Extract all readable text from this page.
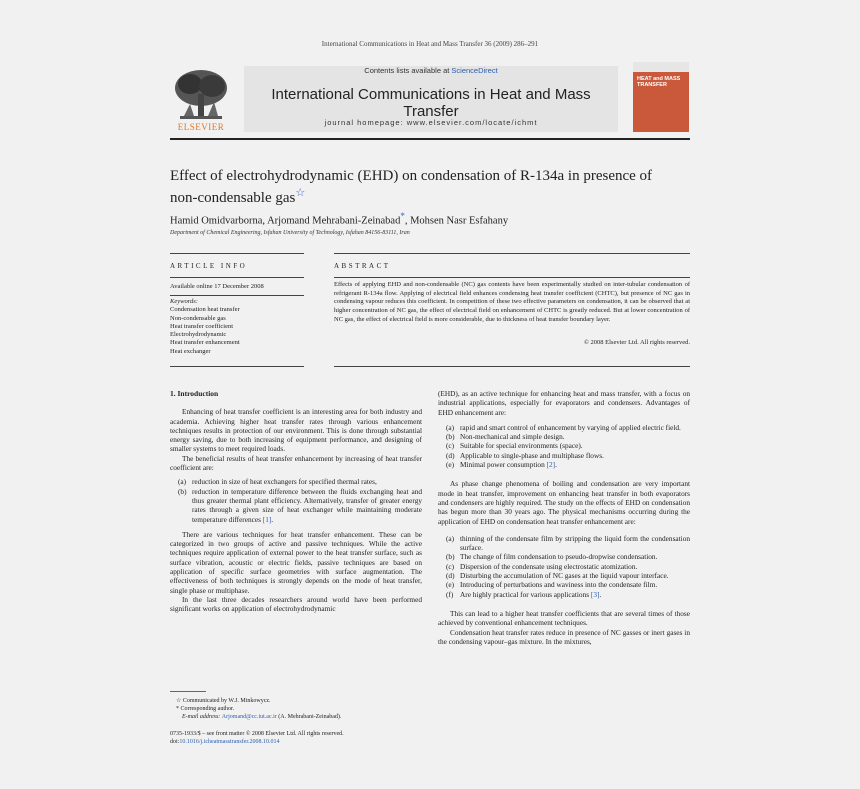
International Communications in Heat and Mass Transfer 36 (2009) 286–291
ELSEVIER
Contents lists available at ScienceDirect
International Communications in Heat and Mass Transfer
journal homepage: www.elsevier.com/locate/ichmt
HEAT and MASS TRANSFER
Effect of electrohydrodynamic (EHD) on condensation of R-134a in presence of
non-condensable gas☆
Hamid Omidvarborna, Arjomand Mehrabani-Zeinabad*, Mohsen Nasr Esfahany
Department of Chemical Engineering, Isfahan University of Technology, Isfahan 84156-83111, Iran
ARTICLE INFO
Available online 17 December 2008
Keywords:
Condensation heat transfer
Non-condensable gas
Heat transfer coefficient
Electrohydrodynamic
Heat transfer enhancement
Heat exchanger
ABSTRACT
Effects of applying EHD and non-condensable (NC) gas contents have been experimentally studied on inter-tubular condensation of refrigerant R-134a flow. Applying of electrical field enhances condensing heat transfer coefficient (CHTC), but presence of NC gas in condensing vapour reduces this coefficient. In competition of these two effective parameters on condensation, it can be observed that at higher concentration of NC gas, the effect of electrical field on enhancement of CHTC is greatly reduced. But at lower concentration of NC gas, the effect of electrical field is more considerable, due to thickness of heat transfer boundary layer.
© 2008 Elsevier Ltd. All rights reserved.
1. Introduction

Enhancing of heat transfer coefficient is an interesting area for both industry and academia. Achieving higher heat transfer rates through various enhancement techniques results in protection of our environment. This is done through substantial energy saving, due to both increasing of equipment performance, and designing of smaller systems to meet required loads.

The beneficial results of heat transfer enhancement by increasing of heat transfer coefficient are:

(a) reduction in size of heat exchangers for specified thermal rates,
(b) reduction in temperature difference between the fluids exchanging heat and thus greater thermal plant efficiency. Alternatively, transfer of greater energy rates through a given size of heat exchanger while maintaining moderate temperature differences [1].

There are various techniques for heat transfer enhancement. These can be categorized in two groups of active and passive techniques. While the active techniques require application of external power to the heat transfer surface, such as surface vibration, acoustic or electric fields, passive techniques are based on application of specific surface geometries with surface augmentation. The effectiveness of both techniques is strongly depends on the mode of heat transfer, single phase or multiphase.

In the last three decades researchers around world have been performed significant works on application of electrohydrodynamic

☆ Communicated by W.J. Minkowycz.
* Corresponding author.
E-mail address: Arjomand@cc.iut.ac.ir (A. Mehrabani-Zeinabad).
0735-1933/$ – see front matter © 2008 Elsevier Ltd. All rights reserved.
doi:10.1016/j.icheatmasstransfer.2008.10.014

(EHD), as an active technique for enhancing heat and mass transfer, with a focus on industrial applications, especially for evaporators and condensers. Advantages of EHD enhancement are:

(a) rapid and smart control of enhancement by varying of applied electric field.
(b) Non-mechanical and simple design.
(c) Suitable for special environments (space).
(d) Applicable to single-phase and multiphase flows.
(e) Minimal power consumption [2].

As phase change phenomena of boiling and condensation are very important mode in heat transfer, improvement on enhancing heat transfer in both evaporators and condensers are highly required. The study on the effects of EHD on condensation has begun more than 30 years ago. The physical mechanisms occurring during the application of EHD on condensation heat transfer enhancement are:

(a) thinning of the condensate film by stripping the liquid form the condensation surface.
(b) The change of film condensation to pseudo-dropwise condensation.
(c) Dispersion of the condensate using electrostatic atomization.
(d) Disturbing the accumulation of NC gases at the liquid vapour interface.
(e) Introducing of perturbations and waviness into the condensate film.
(f) Are highly practical for various applications [3].

This can lead to a higher heat transfer coefficients that are several times of those achieved by conventional enhancement techniques.

Condensation heat transfer rates reduce in presence of NC gasses or inert gases in the condensing vapour–gas mixture. In the mixtures,
